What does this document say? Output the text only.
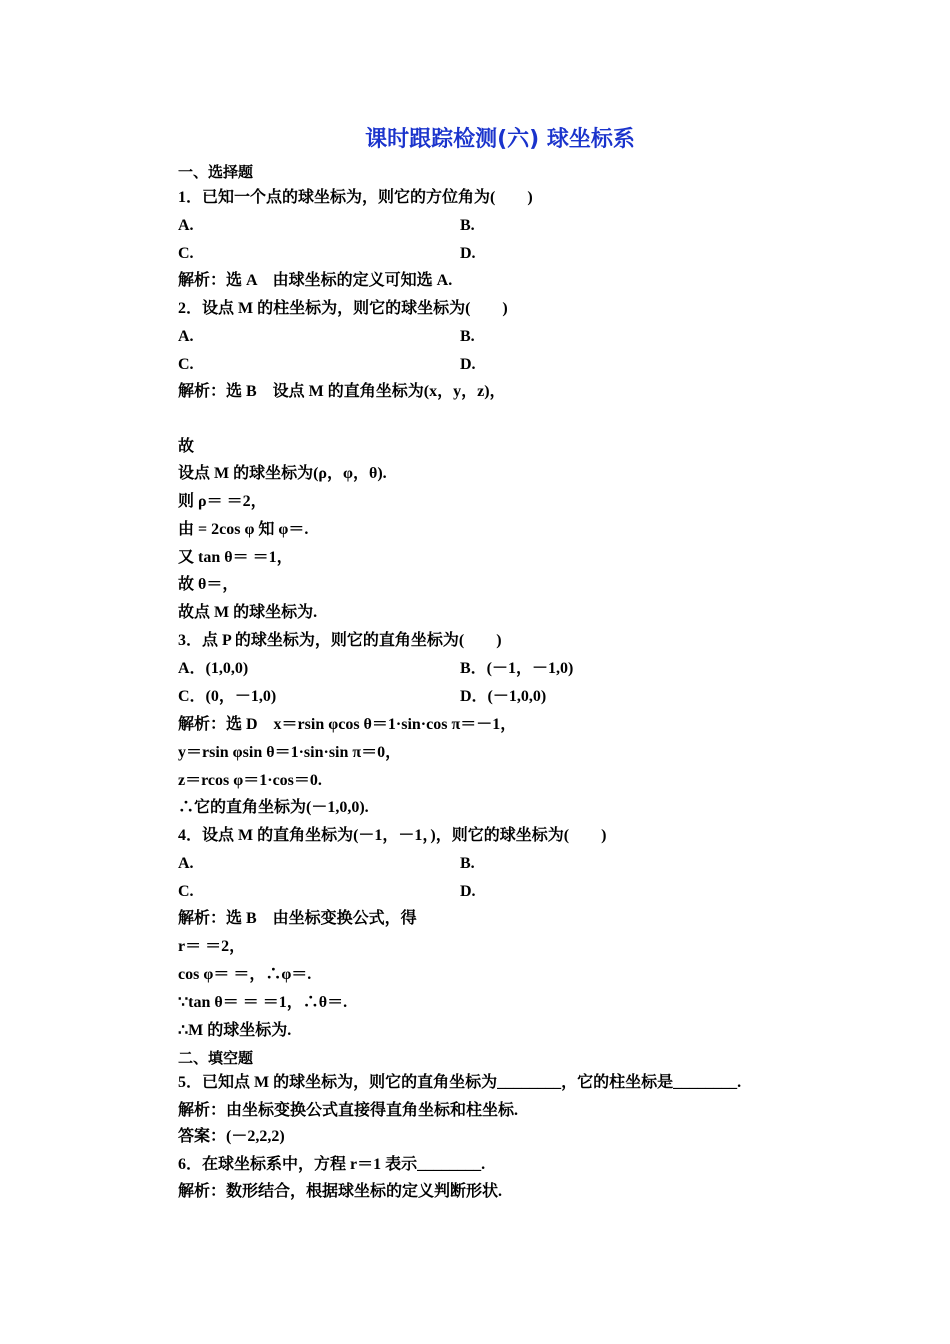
课时跟踪检测(六) 球坐标系
一、选择题
1．已知一个点的球坐标为，则它的方位角为(　　)
A.	B.
C.	D.
解析：选 A　由球坐标的定义可知选 A.
2．设点 M 的柱坐标为，则它的球坐标为(　　)
A.	B.
C.	D.
解析：选 B　设点 M 的直角坐标为(x，y，z)，
故
设点 M 的球坐标为(ρ，φ，θ).
则 ρ＝ ＝2，
由 = 2cos φ 知 φ＝.
又 tan θ＝ ＝1，
故 θ＝，
故点 M 的球坐标为.
3．点 P 的球坐标为，则它的直角坐标为(　　)
A．(1,0,0)	B．(－1，－1,0)
C．(0，－1,0)	D．(－1,0,0)
解析：选 D　x＝rsin φcos θ＝1·sin·cos π＝－1，
y＝rsin φsin θ＝1·sin·sin π＝0，
z＝rcos φ＝1·cos＝0.
∴它的直角坐标为(－1,0,0).
4．设点 M 的直角坐标为(－1，－1，)，则它的球坐标为(　　)
A.	B.
C.	D.
解析：选 B　由坐标变换公式，得
r＝ ＝2，
cos φ＝ ＝，∴φ＝.
∵tan θ＝ ＝ ＝1，∴θ＝.
∴M 的球坐标为.
二、填空题
5．已知点 M 的球坐标为，则它的直角坐标为________，它的柱坐标是________.
解析：由坐标变换公式直接得直角坐标和柱坐标.
答案：(－2,2,2)
6．在球坐标系中，方程 r＝1 表示________.
解析：数形结合，根据球坐标的定义判断形状.
